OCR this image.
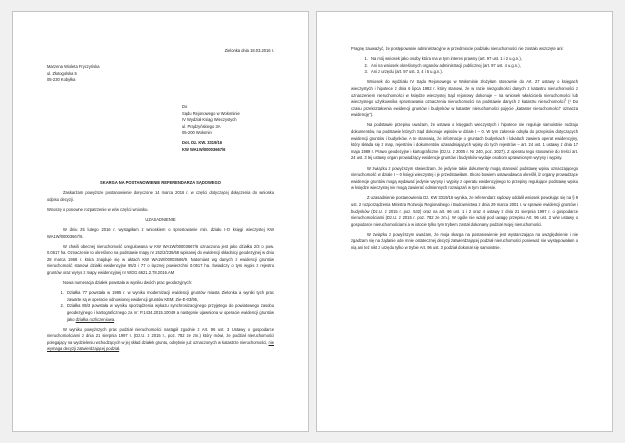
Zielonka dnia 18.03.2016 r.
Marzena Wioleta Fryczyńska
ul. Złotogolska 5
05-230 Kobyłka
Do
Sądu Rejonowego w Wołominie
IV Wydział Ksiąg Wieczystych
ul. Prądzyńskiego 3A
05-200 Wołomin
Dot. Dz. KW. 3319/16
KW WA1W/00003667/6

SKARGA NA POSTANOWIENIE REFERENDARZA SĄDOWEGO

Zaskarżam powyższe postanowienie doręczone 14 marca 2016 r. w części dotyczącej dołączenia do wniosku odpisu decyzji.

Wnoszę o ponowne rozpatrzenie w w/w części wniosku.

UZASADNIENIE

W dniu 25 lutego 2016 r. wystąpiłam z wnioskiem o sprostowanie min. działu I-O księgi wieczystej KW WA1W/00003667/6.

W chwili obecnej nieruchomość uregulowana w KW WA1W/00003667/6 oznaczona jest jako działka 2/3 o pow. 0.0617 ha. Oznaczenie to określono na podstawie mapy nr 152/2/236/68 wpisanej do ewidencji składnicy geodezyjnej w dniu 28 marca 1968 r. która znajduje się w aktach KW WA1W/00003666/9. Natomiast wg danych z ewidencji gruntów nieruchomość stanowi działki ewidencyjne 85/3 i 77 o łącznej powierzchni 0.0617 ha. Świadczy o tym wypis z rejestru gruntów oraz wyrys z mapy ewidencyjnej nr WGG.6621.2.78.2016.AM

Nowa numeracja działek powstała w wyniku dwóch prac geodezyjnych:

1. Działka 77 powstała w 1995 r. w wyniku modernizacji ewidencji gruntów miasta Zielonka a wyniki tych prac zawarte są w operacie odnowionej ewidencji gruntów KEM: Zie-E-03/95,
2. Działka 85/3 powstała w wyniku sporządzenia wykazu synchronizacyjnego przyjętego do powiatowego zasobu geodezyjnego i kartograficznego za nr: P.1434.2015.10049 a następnie ujawniona w operacie ewidencji gruntów jako działka rozliczeniowa.

W wyniku powyższych prac podział nieruchomości nastąpił zgodnie z Art. 96 ust. 3 Ustawy o gospodarce nieruchomościami z dnia 21 sierpnia 1997 r. (Dz.U. z 2015 r., poz. 782 ze zm.) który mówi, że podział nieruchomości polegający na wydzieleniu wchodzących w jej skład działek gruntu, odrębnie już oznaczonych w katastrze nieruchomości, nie wymaga decyzji zatwierdzającej podział.

Pragnę zauważyć, że postępowanie administracyjne w przedmiocie podziału nieruchomości nie zostało wszczęte ani:

1. Na mój wniosek jako osoby która ma w tym interes prawny (art. 97 ust. 1 i 2 u.g.n.),
2. Ani na wniosek określonych organów administracji publicznej (art. 97 ust. 4 u.g.n.),
3. Ani z urzędu (art. 97 ust. 3, 4 i 5 u.g.n.).

Wniosek do wydziału IV Sądu Rejonowego w Wołominie złożyłam stosownie do Art. 27 ustawy o księgach wieczystych i hipotece z dnia 6 lipca 1982 r. który stanowi, że w razie niezgodności danych z katastru nieruchomości z oznaczeniem nieruchomości w księdze wieczystej Sąd rejonowy dokonuje – na wniosek właściciela nieruchomości lub wieczystego użytkownika sprostowania oznaczenia nieruchomości na podstawie danych z katastru nieruchomości$^1$ (¹ Do czasu przekształcenia ewidencji gruntów i budynków w kataster nieruchomości pojęcie „kataster nieruchomości" oznacza ewidencję").

Na podstawie przepisu uważam, że ustawa o księgach wieczystych i hipotece nie reguluje samoistnie rodzaju dokumentów, na podstawie których Sąd dokonuje wpisów w dziale I – 0. W tym zakresie odsyła do przepisów dotyczących ewidencji gruntów i budynków. A te stanowią, że informacje o gruntach budynkach i lokalach zawiera operat ewidencyjny, który składa się z map, rejestrów i dokumentów uzasadniających wpisy do tych rejestrów – art. 24 ust. 1 ustawy z dnia 17 maja 1989 r. Prawo geodezyjne i kartograficzne (Dz.U. z 2005 r. Nr 240, poz. 2027). Z operatu tego stosownie do treści art. 24 ust. 3 tej ustawy organ prowadzący ewidencje gruntów i budynków wydaje osobom uprawnionym wyrysy i wypisy.

W związku z powyższym stwierdzam, że jedynie takie dokumenty mogą stanowić podstawę wpisu oznaczającego nieruchomość w dziale I – 0 księgi wieczystej i je przedstawiłam. Skoro bowiem ustawodawca określił, iż organy prowadzące ewidencje gruntów mogą wydawać jedynie wyrysy i wypisy z operatu ewidencyjnego to przepisy regulujące podstawę wpisu w księdze wieczystej nie mogą zawierać odmiennych rozwiązań w tym zakresie.

Z uzasadnienie postanowienia Dz. KW 3319/16 wynika, że referendarz sądowy oddalił wniosek powołując się na § 9 ust. 2 rozporządzenia Ministra Rozwoju Regionalnego i Budownictwa z dnia 29 marca 2001 r. w sprawie ewidencji gruntów i budynków (Dz.U. z 2015 r. poz. 542) oraz na art. 96 ust. 1 i 2 oraz 4 ustawy z dnia 21 sierpnia 1997 r. o gospodarce nieruchomościami (Dz.U. z 2015 r. poz. 782 ze zm.). W ogóle nie wziął pod uwagę przepisu Art. 96 ust. 3 w/w ustawy o gospodarce nieruchomościami a w istocie tylko tym trybem został dokonany podział mojej nieruchomości.

W związku z powyższym uważam, że moja skarga na postanowienie jest wystarczająca na uwzględnienie i nie zgadzam się na żądanie ode mnie ostatecznej decyzji zatwierdzającej podział nieruchomości ponieważ nie występowałam o nią ani też nikt z urzędu tylko w trybie Art. 96 ust. 3 podział dokonał się samoistnie.
